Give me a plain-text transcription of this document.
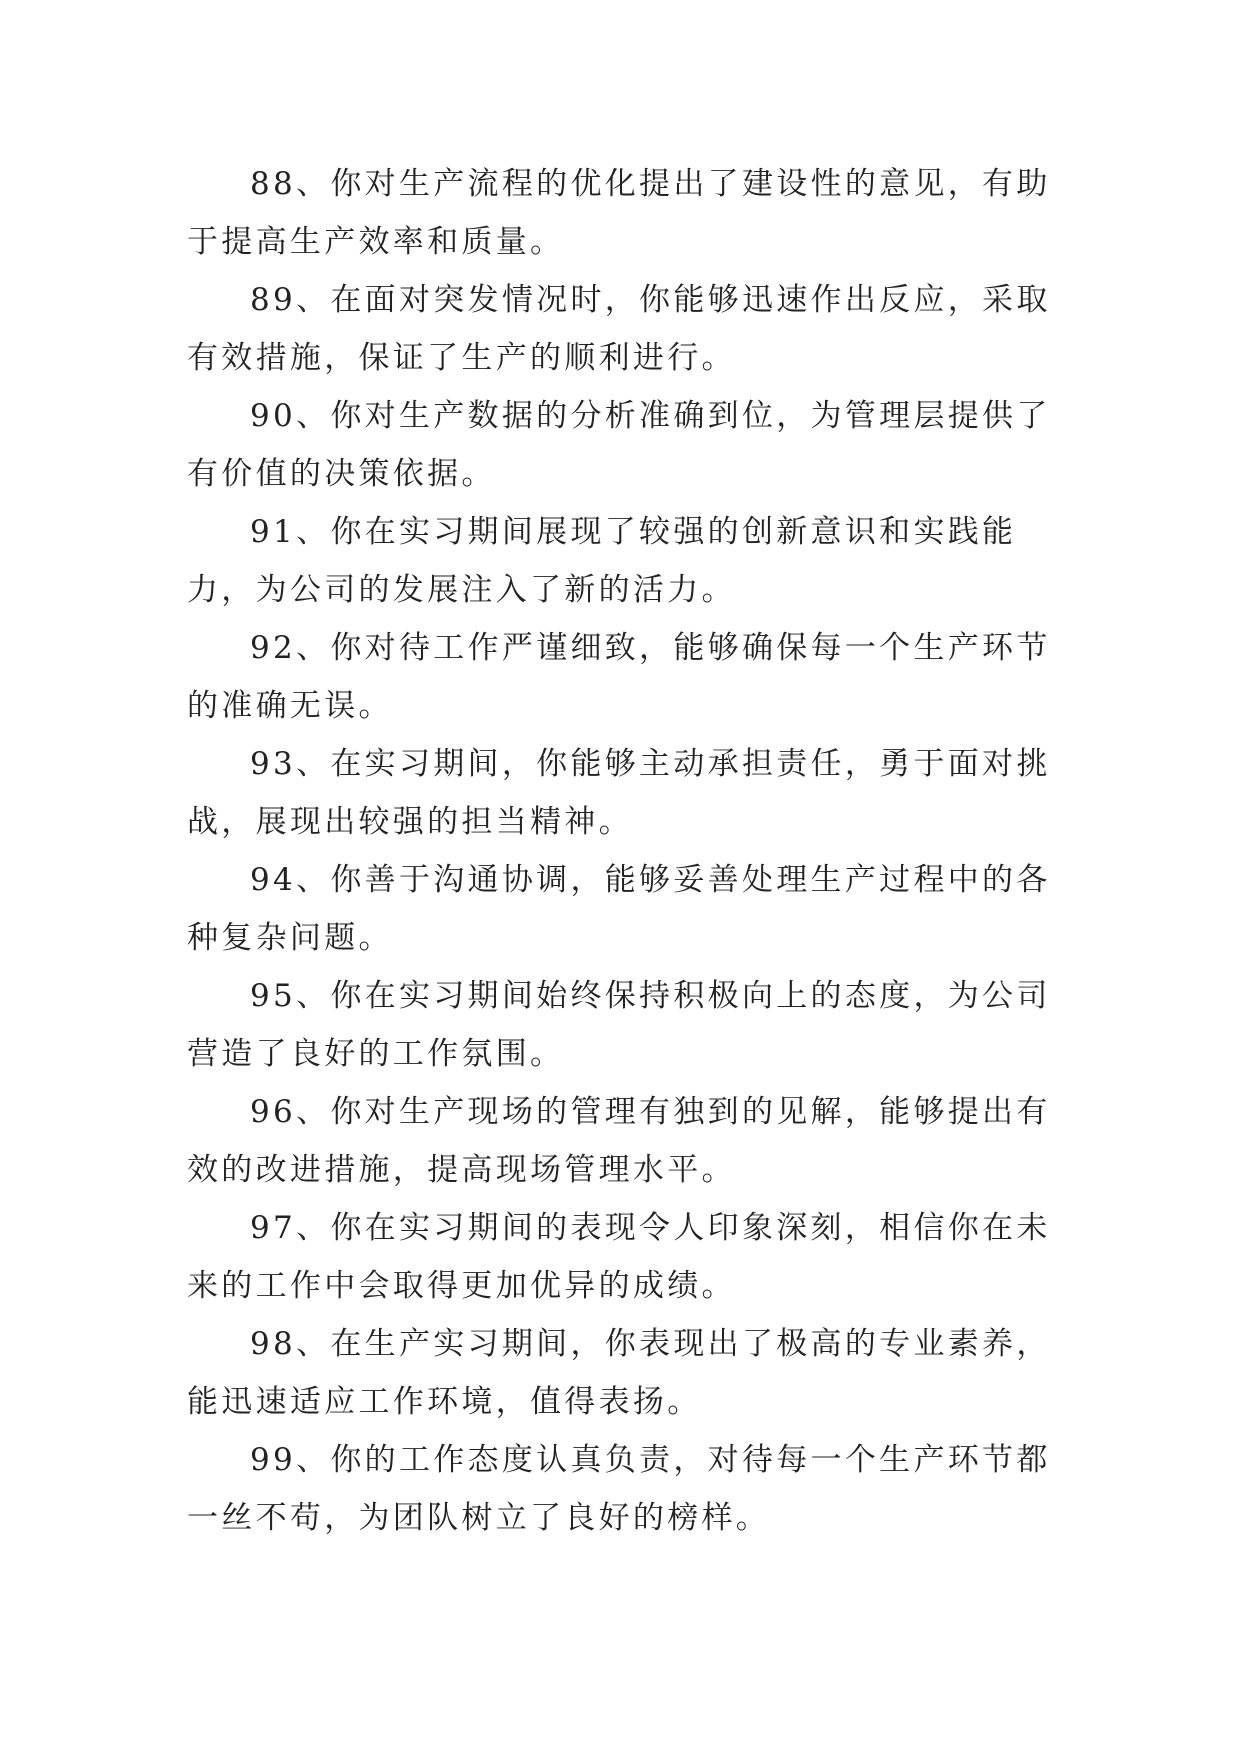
88、你对生产流程的优化提出了建设性的意见，有助于提高生产效率和质量。

89、在面对突发情况时，你能够迅速作出反应，采取有效措施，保证了生产的顺利进行。

90、你对生产数据的分析准确到位，为管理层提供了有价值的决策依据。

91、你在实习期间展现了较强的创新意识和实践能力，为公司的发展注入了新的活力。

92、你对待工作严谨细致，能够确保每一个生产环节的准确无误。

93、在实习期间，你能够主动承担责任，勇于面对挑战，展现出较强的担当精神。

94、你善于沟通协调，能够妥善处理生产过程中的各种复杂问题。

95、你在实习期间始终保持积极向上的态度，为公司营造了良好的工作氛围。

96、你对生产现场的管理有独到的见解，能够提出有效的改进措施，提高现场管理水平。

97、你在实习期间的表现令人印象深刻，相信你在未来的工作中会取得更加优异的成绩。

98、在生产实习期间，你表现出了极高的专业素养，能迅速适应工作环境，值得表扬。

99、你的工作态度认真负责，对待每一个生产环节都一丝不苟，为团队树立了良好的榜样。
